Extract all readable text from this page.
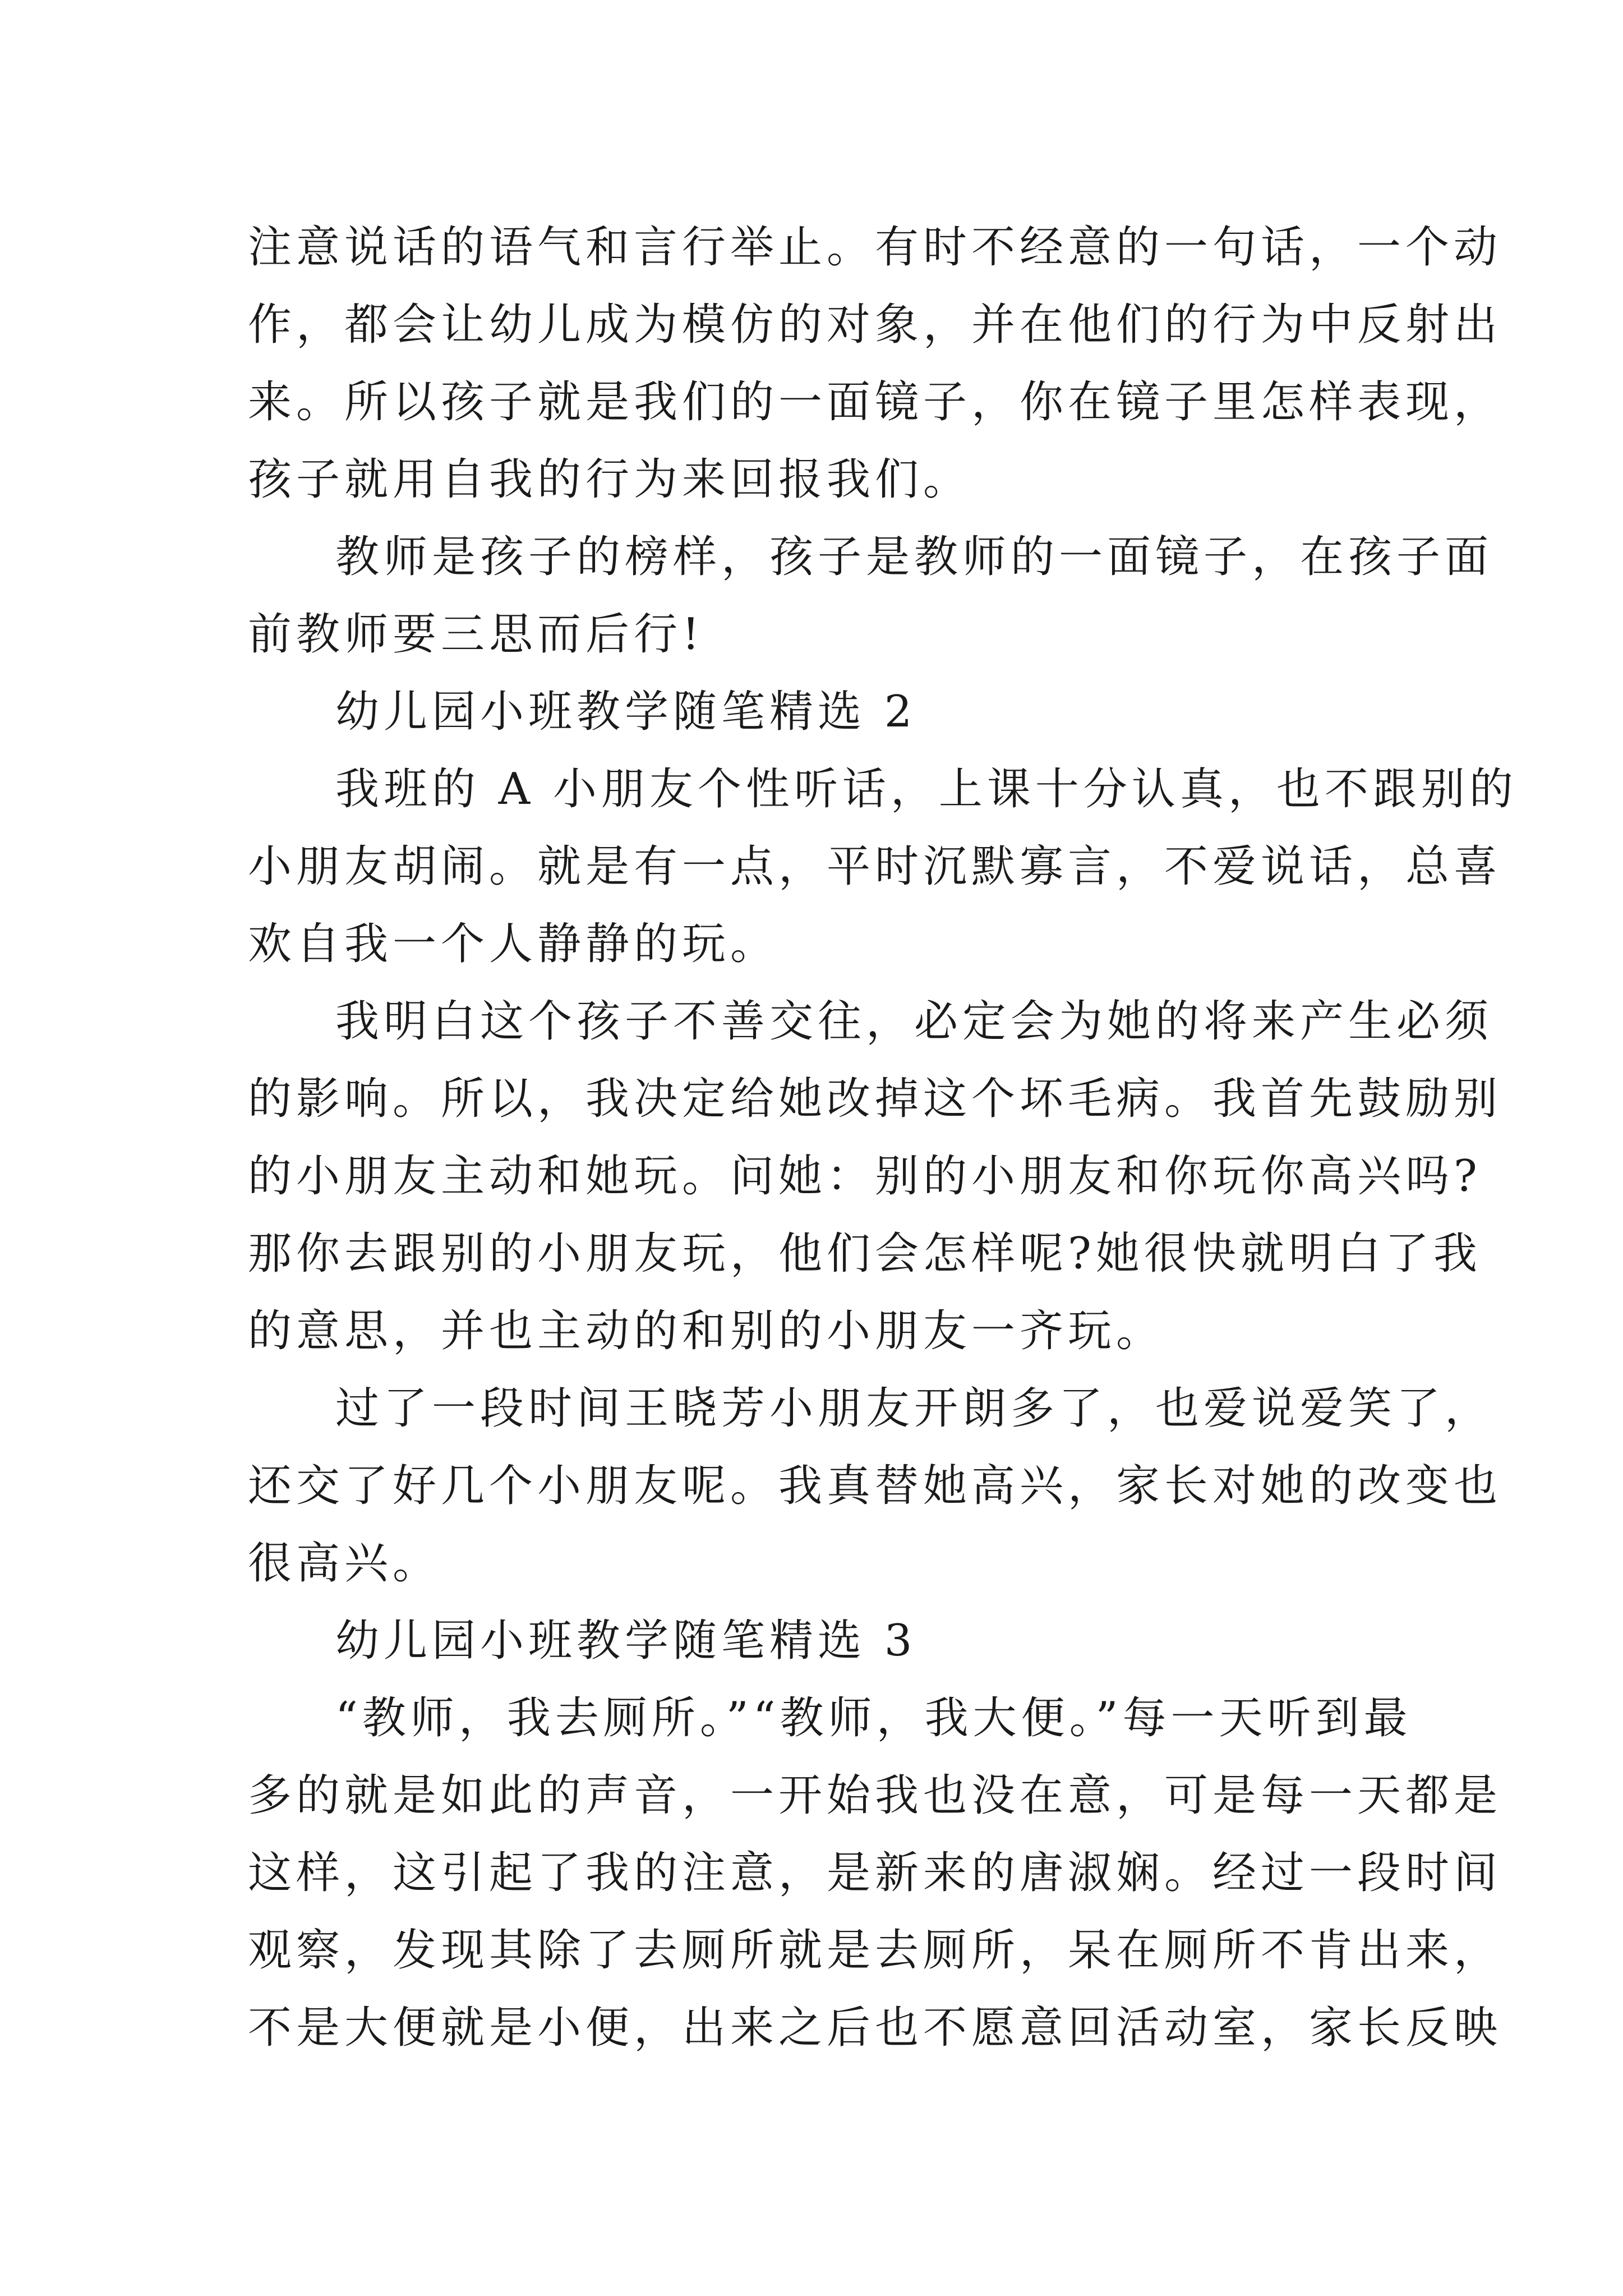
注意说话的语气和言行举止。有时不经意的一句话，一个动
作，都会让幼儿成为模仿的对象，并在他们的行为中反射出
来。所以孩子就是我们的一面镜子，你在镜子里怎样表现，
孩子就用自我的行为来回报我们。
教师是孩子的榜样，孩子是教师的一面镜子，在孩子面
前教师要三思而后行!
幼儿园小班教学随笔精选 2
我班的 A 小朋友个性听话，上课十分认真，也不跟别的
小朋友胡闹。就是有一点，平时沉默寡言，不爱说话，总喜
欢自我一个人静静的玩。
我明白这个孩子不善交往，必定会为她的将来产生必须
的影响。所以，我决定给她改掉这个坏毛病。我首先鼓励别
的小朋友主动和她玩。问她：别的小朋友和你玩你高兴吗?
那你去跟别的小朋友玩，他们会怎样呢?她很快就明白了我
的意思，并也主动的和别的小朋友一齐玩。
过了一段时间王晓芳小朋友开朗多了，也爱说爱笑了，
还交了好几个小朋友呢。我真替她高兴，家长对她的改变也
很高兴。
幼儿园小班教学随笔精选 3
“教师，我去厕所。”“教师，我大便。”每一天听到最
多的就是如此的声音，一开始我也没在意，可是每一天都是
这样，这引起了我的注意，是新来的唐淑娴。经过一段时间
观察，发现其除了去厕所就是去厕所，呆在厕所不肯出来，
不是大便就是小便，出来之后也不愿意回活动室，家长反映
